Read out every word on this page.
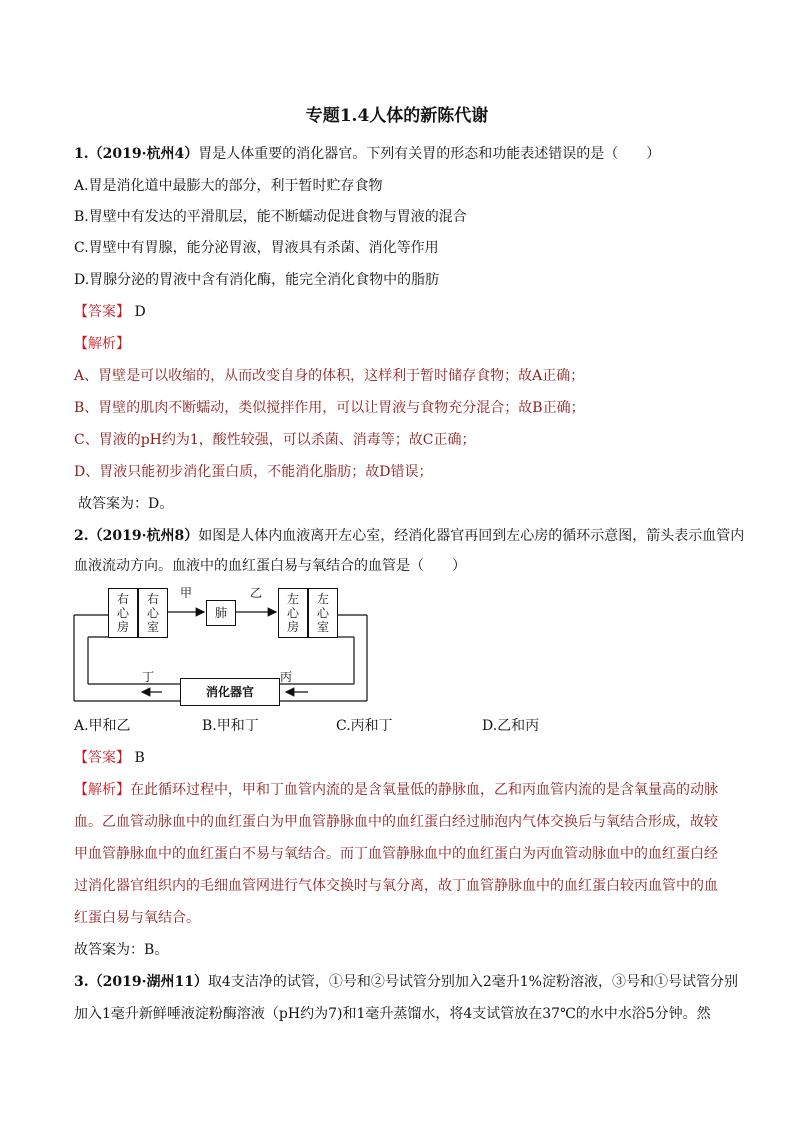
专题1.4人体的新陈代谢
1.（2019·杭州4）胃是人体重要的消化器官。下列有关胃的形态和功能表述错误的是（　　）
A.胃是消化道中最膨大的部分，利于暂时贮存食物
B.胃壁中有发达的平滑肌层，能不断蠕动促进食物与胃液的混合
C.胃壁中有胃腺，能分泌胃液，胃液具有杀菌、消化等作用
D.胃腺分泌的胃液中含有消化酶，能完全消化食物中的脂肪
【答案】 D
【解析】
A、胃壁是可以收缩的，从而改变自身的体积，这样利于暂时储存食物；故A正确；
B、胃壁的肌肉不断蠕动，类似搅拌作用，可以让胃液与食物充分混合；故B正确；
C、胃液的pH约为1，酸性较强，可以杀菌、消毒等；故C正确；
D、胃液只能初步消化蛋白质，不能消化脂肪；故D错误；
故答案为：D。
2.（2019·杭州8）如图是人体内血液离开左心室，经消化器官再回到左心房的循环示意图，箭头表示血管内
血液流动方向。血液中的血红蛋白易与氧结合的血管是（　　）
右
心
房
右
心
室
肺
左
心
房
左
心
室
消化器官
甲	乙
丁	丙
A.甲和乙	B.甲和丁	C.丙和丁	D.乙和丙
【答案】 B
【解析】在此循环过程中，甲和丁血管内流的是含氧量低的静脉血，乙和丙血管内流的是含氧量高的动脉
血。乙血管动脉血中的血红蛋白为甲血管静脉血中的血红蛋白经过肺泡内气体交换后与氧结合形成，故较
甲血管静脉血中的血红蛋白不易与氧结合。而丁血管静脉血中的血红蛋白为丙血管动脉血中的血红蛋白经
过消化器官组织内的毛细血管网进行气体交换时与氧分离，故丁血管静脉血中的血红蛋白较丙血管中的血
红蛋白易与氧结合。
故答案为：B。
3.（2019·湖州11）取4支洁净的试管，①号和②号试管分别加入2毫升1%淀粉溶液，③号和①号试管分别
加入1毫升新鲜唾液淀粉酶溶液（pH约为7)和1毫升蒸馏水，将4支试管放在37℃的水中水浴5分钟。然
